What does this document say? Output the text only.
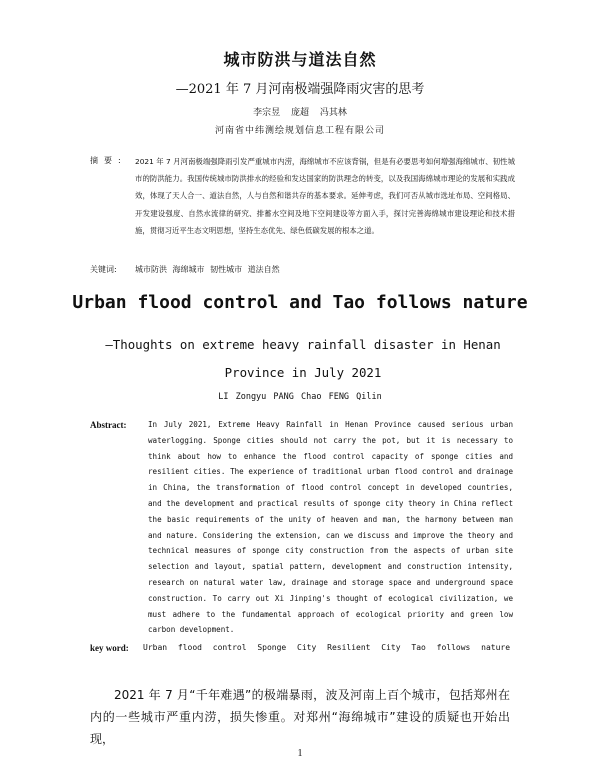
城市防洪与道法自然
—2021 年 7 月河南极端强降雨灾害的思考
李宗昱 庞超 冯其林
河南省中纬测绘规划信息工程有限公司
摘要: 2021 年 7 月河南极端强降雨引发严重城市内涝，海绵城市不应该背锅，但是有必要思考如何增强海绵城市、韧性城市的防洪能力。我国传统城市防洪排水的经验和发达国家的防洪理念的转变，以及我国海绵城市理论的发展和实践成效，体现了天人合一、道法自然，人与自然和谐共存的基本要求。延伸考虑，我们可否从城市选址布局、空间格局、开发建设强度、自然水流律的研究、排蓄水空间及地下空间建设等方面入手，探讨完善海绵城市建设理论和技术措施，贯彻习近平生态文明思想，坚持生态优先、绿色低碳发展的根本之道。

关键词: 城市防洪 海绵城市 韧性城市 道法自然
Urban flood control and Tao follows nature

—Thoughts on extreme heavy rainfall disaster in Henan Province in July 2021

LI Zongyu PANG Chao FENG Qilin
Abstract:	In July 2021, Extreme Heavy Rainfall in Henan Province caused serious urban waterlogging. Sponge cities should not carry the pot, but it is necessary to think about how to enhance the flood control capacity of sponge cities and resilient cities. The experience of traditional urban flood control and drainage in China, the transformation of flood control concept in developed countries, and the development and practical results of sponge city theory in China reflect the basic requirements of the unity of heaven and man, the harmony between man and nature. Considering the extension, can we discuss and improve the theory and technical measures of sponge city construction from the aspects of urban site selection and layout, spatial pattern, development and construction intensity, research on natural water law, drainage and storage space and underground space construction. To carry out Xi Jinping's thought of ecological civilization, we must adhere to the fundamental approach of ecological priority and green low carbon development.

key word: Urban flood control Sponge City Resilient City Tao follows nature

2021 年 7 月“千年难遇”的极端暴雨，波及河南上百个城市，包括郑州在内的一些城市严重内涝，损失惨重。对郑州“海绵城市”建设的质疑也开始出现，

1
